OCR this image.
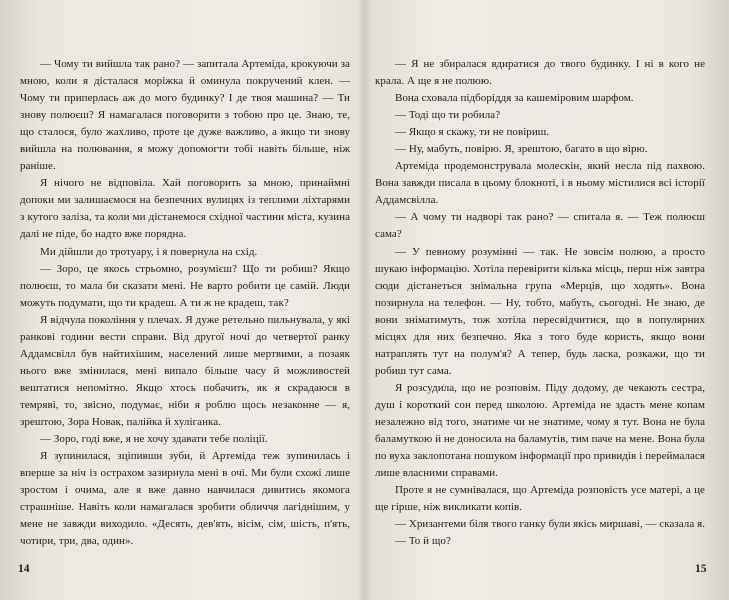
— Чому ти вийшла так рано? — запитала Артеміда, крокуючи за мною, коли я дісталася моріжка й оминула покручений клен. — Чому ти приперлась аж до мого будинку? І де твоя машина? — Ти знову полюєш? Я намагалася поговорити з тобою про це. Знаю, те, що сталося, було жахливо, проте це дуже важливо, а якщо ти знову вийшла на полювання, я можу допомогти тобі навіть більше, ніж раніше.

Я нічого не відповіла. Хай поговорить за мною, принаймні допоки ми залишаємося на безпечних вулицях із теплими ліхтарями з кутого заліза, та коли ми дістанемося східної частини міста, кузина далі не піде, бо надто вже порядна.

Ми дійшли до тротуару, і я повернула на схід.

— Зоро, це якось стрьомно, розумієш? Що ти робиш? Якщо полюєш, то мала би сказати мені. Не варто робити це самій. Люди можуть подумати, що ти крадеш. А ти ж не крадеш, так?

Я відчула покоління у плечах. Я дуже ретельно пильнувала, у які ранкові години вести справи. Від другої ночі до четвертої ранку Аддамсвілл був найтихішим, населений лише мертвими, а позаяк нього вже змінилася, мені випало більше часу й можливостей вештатися непомітно. Якщо хтось побачить, як я скрадаюся в темряві, то, звісно, подумає, ніби я роблю щось незаконне — я, зрештою, Зора Новак, палійка й хуліганка.

— Зоро, годі вже, я не хочу здавати тебе поліції.

Я зупинилася, зціпивши зуби, й Артеміда теж зупинилась і вперше за ніч із острахом зазирнула мені в очі. Ми були схожі лише зростом і очима, але я вже давно навчилася дивитись якомога страшніше. Навіть коли намагалася зробити обличчя лагіднішим, у мене не завжди виходило. «Десять, дев'ять, вісім, сім, шість, п'ять, чотири, три, два, один».

14

— Я не збиралася вдиратися до твого будинку. І ні в кого не крала. А ще я не полюю.

Вона сховала підборіддя за кашеміровим шарфом.

— Тоді що ти робила?

— Якщо я скажу, ти не повіриш.

— Ну, мабуть, повірю. Я, зрештою, багато в що вірю.

Артеміда продемонструвала молескін, який несла під пахвою. Вона завжди писала в цьому блокноті, і в ньому містилися всі історії Аддамсвілла.

— А чому ти надворі так рано? — спитала я. — Теж полюєш сама?

— У певному розумінні — так. Не зовсім полюю, а просто шукаю інформацію. Хотіла перевірити кілька місць, перш ніж завтра сюди дістанеться знімальна група «Мерців, що ходять». Вона позирнула на телефон. — Ну, тобто, мабуть, сьогодні. Не знаю, де вони зніматимуть, тож хотіла пересвідчитися, що в популярних місцях для них безпечно. Яка з того буде користь, якщо вони натраплять тут на полум'я? А тепер, будь ласка, розкажи, що ти робиш тут сама.

Я розсудила, що не розповім. Піду додому, де чекають сестра, душ і короткий сон перед школою. Артеміда не здасть мене копам незалежно від того, знатиме чи не знатиме, чому я тут. Вона не була баламуткою й не доносила на баламутів, тим паче на мене. Вона була по вуха заклопотана пошуком інформації про привидів і переймалася лише власними справами.

Проте я не сумнівалася, що Артеміда розповість усе матері, а це ще гірше, ніж викликати копів.

— Хризантеми біля твого ганку були якісь миршаві, — сказала я.

— То й що?

15
